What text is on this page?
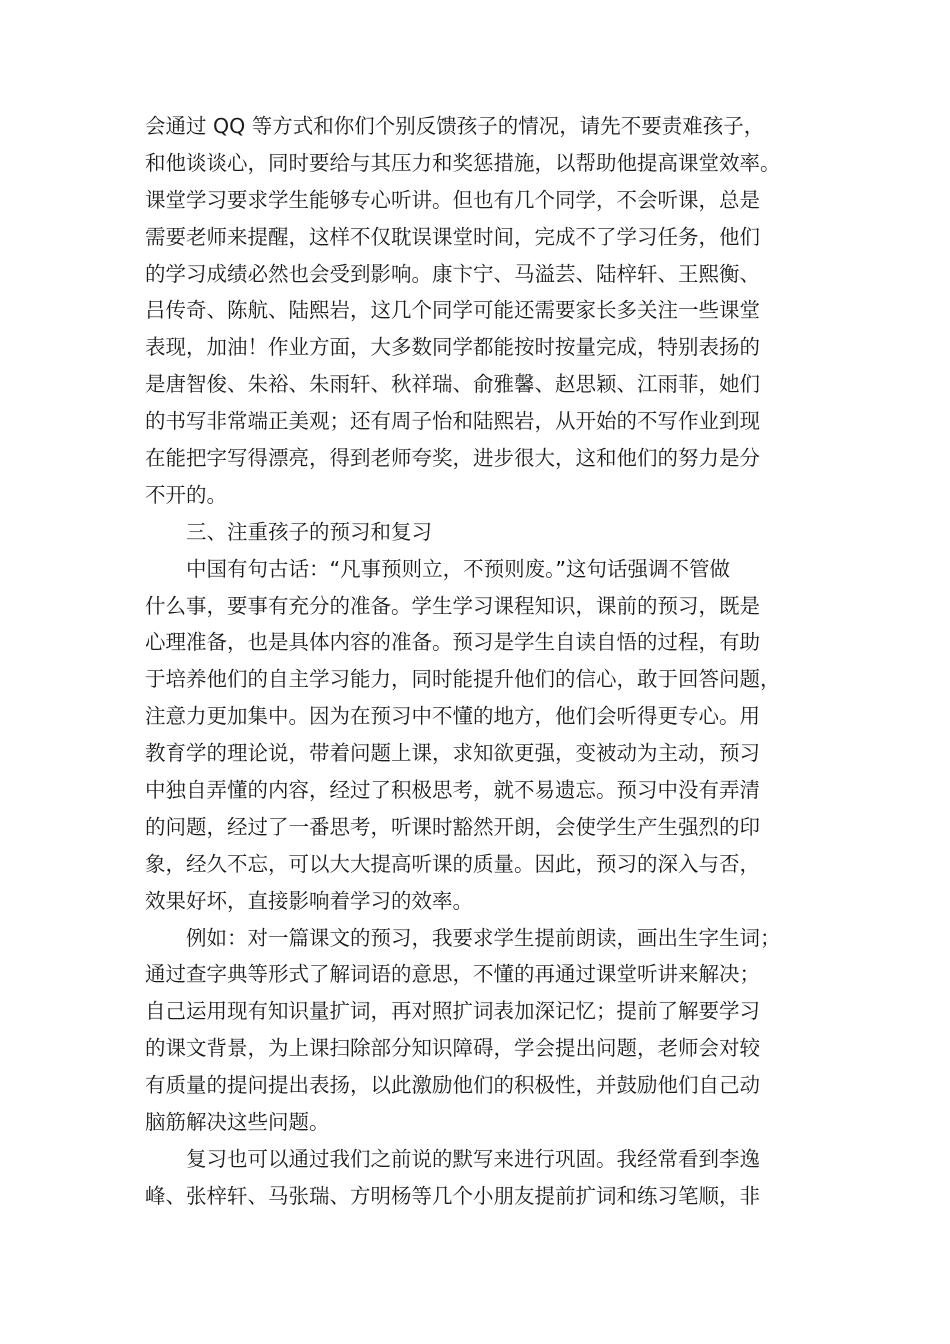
会通过 QQ 等方式和你们个别反馈孩子的情况，请先不要责难孩子，
和他谈谈心，同时要给与其压力和奖惩措施，以帮助他提高课堂效率。
课堂学习要求学生能够专心听讲。但也有几个同学，不会听课，总是
需要老师来提醒，这样不仅耽误课堂时间，完成不了学习任务，他们
的学习成绩必然也会受到影响。康卞宁、马溢芸、陆梓轩、王熙衡、
吕传奇、陈航、陆熙岩，这几个同学可能还需要家长多关注一些课堂
表现，加油！作业方面，大多数同学都能按时按量完成，特别表扬的
是唐智俊、朱裕、朱雨轩、秋祥瑞、俞雅馨、赵思颖、江雨菲，她们
的书写非常端正美观；还有周子怡和陆熙岩，从开始的不写作业到现
在能把字写得漂亮，得到老师夸奖，进步很大，这和他们的努力是分
不开的。
三、注重孩子的预习和复习
中国有句古话：“凡事预则立，不预则废。”这句话强调不管做
什么事，要事有充分的准备。学生学习课程知识，课前的预习，既是
心理准备，也是具体内容的准备。预习是学生自读自悟的过程，有助
于培养他们的自主学习能力，同时能提升他们的信心，敢于回答问题，
注意力更加集中。因为在预习中不懂的地方，他们会听得更专心。用
教育学的理论说，带着问题上课，求知欲更强，变被动为主动，预习
中独自弄懂的内容，经过了积极思考，就不易遗忘。预习中没有弄清
的问题，经过了一番思考，听课时豁然开朗，会使学生产生强烈的印
象，经久不忘，可以大大提高听课的质量。因此，预习的深入与否，
效果好坏，直接影响着学习的效率。
例如：对一篇课文的预习，我要求学生提前朗读，画出生字生词；
通过查字典等形式了解词语的意思，不懂的再通过课堂听讲来解决；
自己运用现有知识量扩词，再对照扩词表加深记忆；提前了解要学习
的课文背景，为上课扫除部分知识障碍，学会提出问题，老师会对较
有质量的提问提出表扬，以此激励他们的积极性，并鼓励他们自己动
脑筋解决这些问题。
复习也可以通过我们之前说的默写来进行巩固。我经常看到李逸
峰、张梓轩、马张瑞、方明杨等几个小朋友提前扩词和练习笔顺，非
